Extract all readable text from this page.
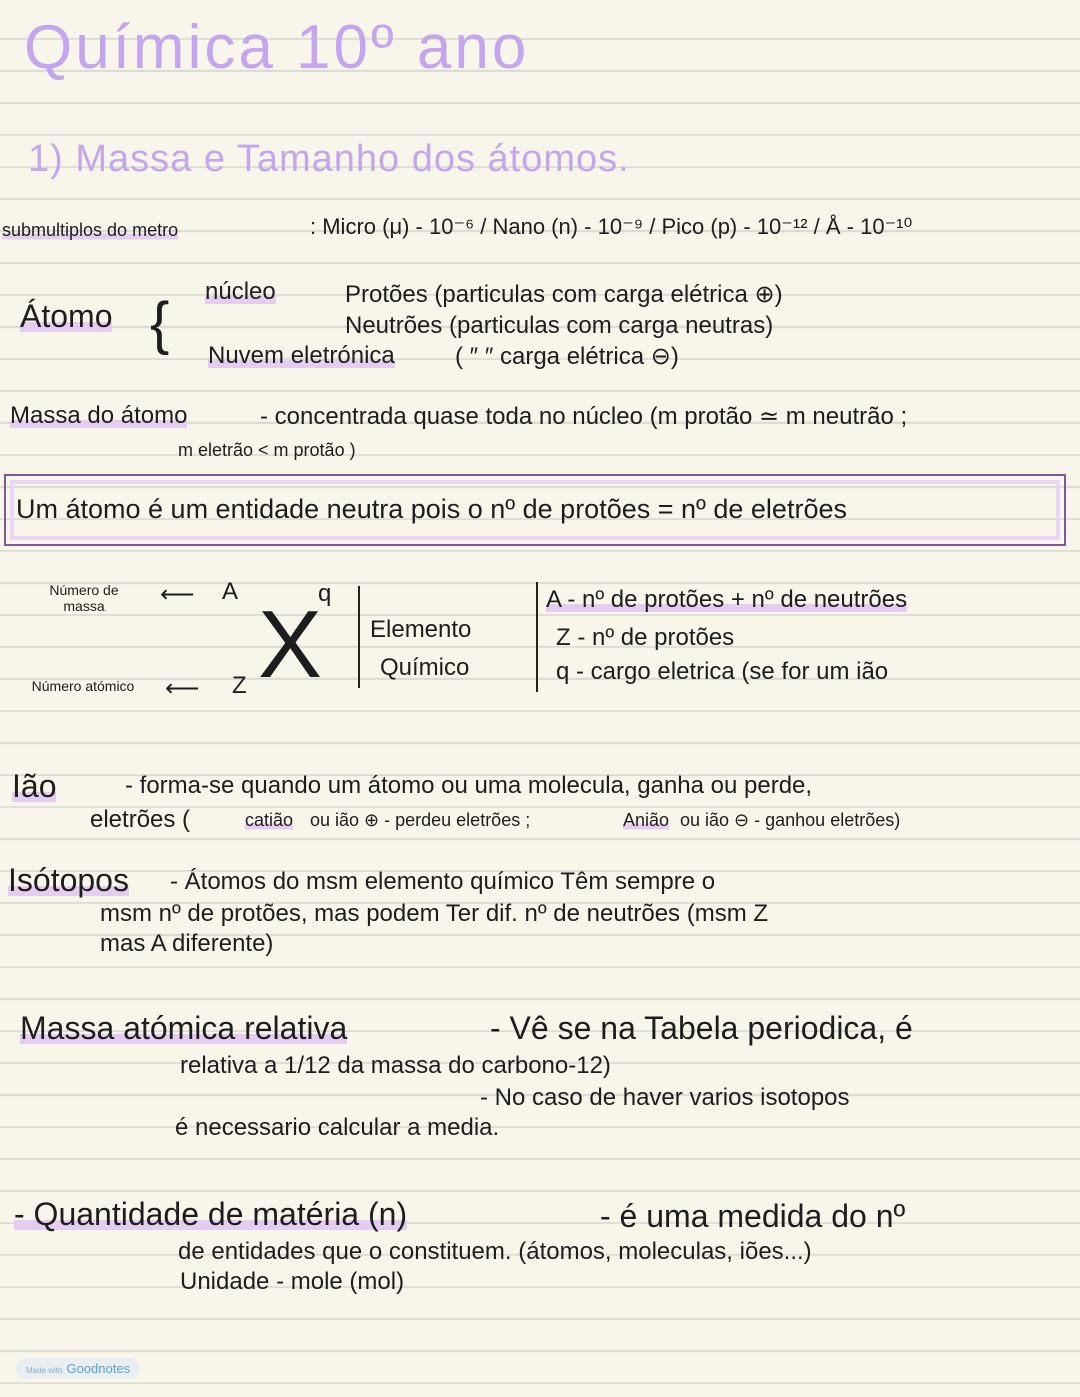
Química 10º ano
1) Massa e Tamanho dos átomos.
submultiplos do metro	: Micro (μ) - 10⁻⁶ / Nano (n) - 10⁻⁹ / Pico (p) - 10⁻¹² / Å - 10⁻¹⁰
Átomo { núcleo	Protões (particulas com carga elétrica ⊕)
Neutrões (particulas com carga neutras)
Nuvem eletrónica	( ″ ″ carga elétrica ⊖)
Massa do átomo	- concentrada quase toda no núcleo (m protão ≃ m neutrão ;
m eletrão < m protão )
Um átomo é um entidade neutra pois o nº de protões = nº de eletrões
Número de massa
Número atómico
⟵
⟵
A
Z
q
X Elemento
Químico
A - nº de protões + nº de neutrões
Z - nº de protões
q - cargo eletrica (se for um ião
Ião	- forma-se quando um átomo ou uma molecula, ganha ou perde,
eletrões (	catião ou ião ⊕ - perdeu eletrões ;	Anião ou ião ⊖ - ganhou eletrões)
Isótopos - Átomos do msm elemento químico Têm sempre o
msm nº de protões, mas podem Ter dif. nº de neutrões (msm Z
mas A diferente)
Massa atómica relativa	- Vê se na Tabela periodica, é
relativa a 1/12 da massa do carbono-12)
- No caso de haver varios isotopos
é necessario calcular a media.
- Quantidade de matéria (n)	- é uma medida do nº
de entidades que o constituem. (átomos, moleculas, iões...)
Unidade - mole (mol)
Made with Goodnotes
